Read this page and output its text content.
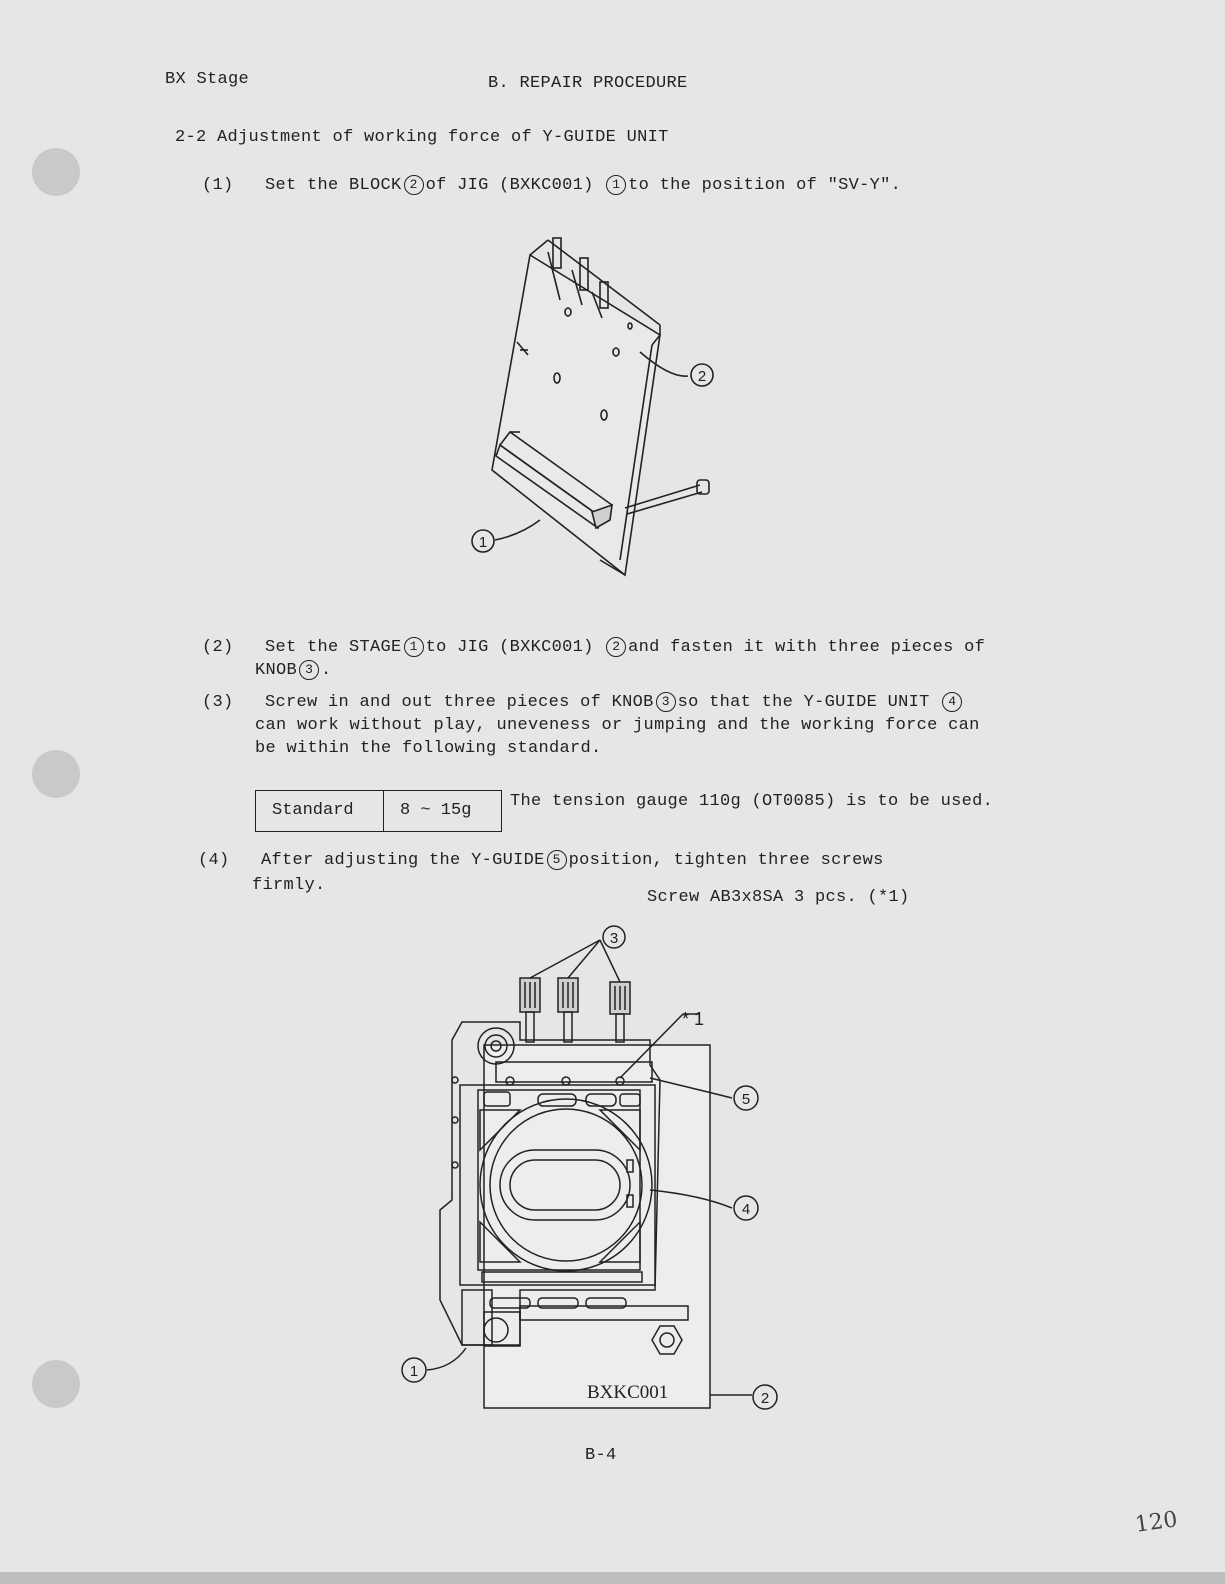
BX Stage	B. REPAIR PROCEDURE
2-2 Adjustment of working force of Y-GUIDE UNIT
(1) Set the BLOCK 2 of JIG (BXKC001) 1 to the position of "SV-Y".
2
1
(2) Set the STAGE 1 to JIG (BXKC001) 2 and fasten it with three pieces of
KNOB 3 .
(3) Screw in and out three pieces of KNOB 3 so that the Y-GUIDE UNIT 4
can work without play, uneveness or jumping and the working force can
be within the following standard.
Standard	8 ~ 15g	The tension gauge 110g (OT0085) is to be used.
(4) After adjusting the Y-GUIDE 5 position, tighten three screws
firmly.
Screw AB3x8SA 3 pcs. (*1)
3
* 1
5
4
1
2
BXKC001
B-4
120
